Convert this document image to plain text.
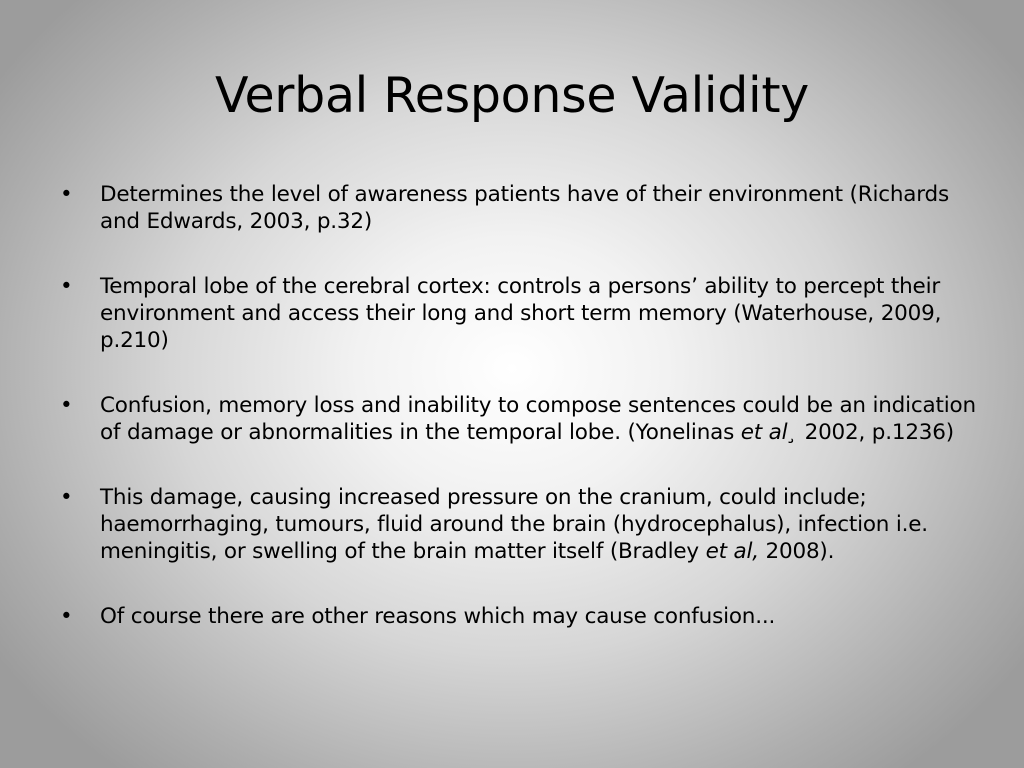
Verbal Response Validity
• Determines the level of awareness patients have of their environment (Richards and Edwards, 2003, p.32)
• Temporal lobe of the cerebral cortex: controls a persons’ ability to percept their environment and access their long and short term memory (Waterhouse, 2009, p.210)
• Confusion, memory loss and inability to compose sentences could be an indication of damage or abnormalities in the temporal lobe. (Yonelinas et al¸ 2002, p.1236)
• This damage, causing increased pressure on the cranium, could include; haemorrhaging, tumours, fluid around the brain (hydrocephalus), infection i.e. meningitis, or swelling of the brain matter itself (Bradley et al, 2008).
• Of course there are other reasons which may cause confusion...
